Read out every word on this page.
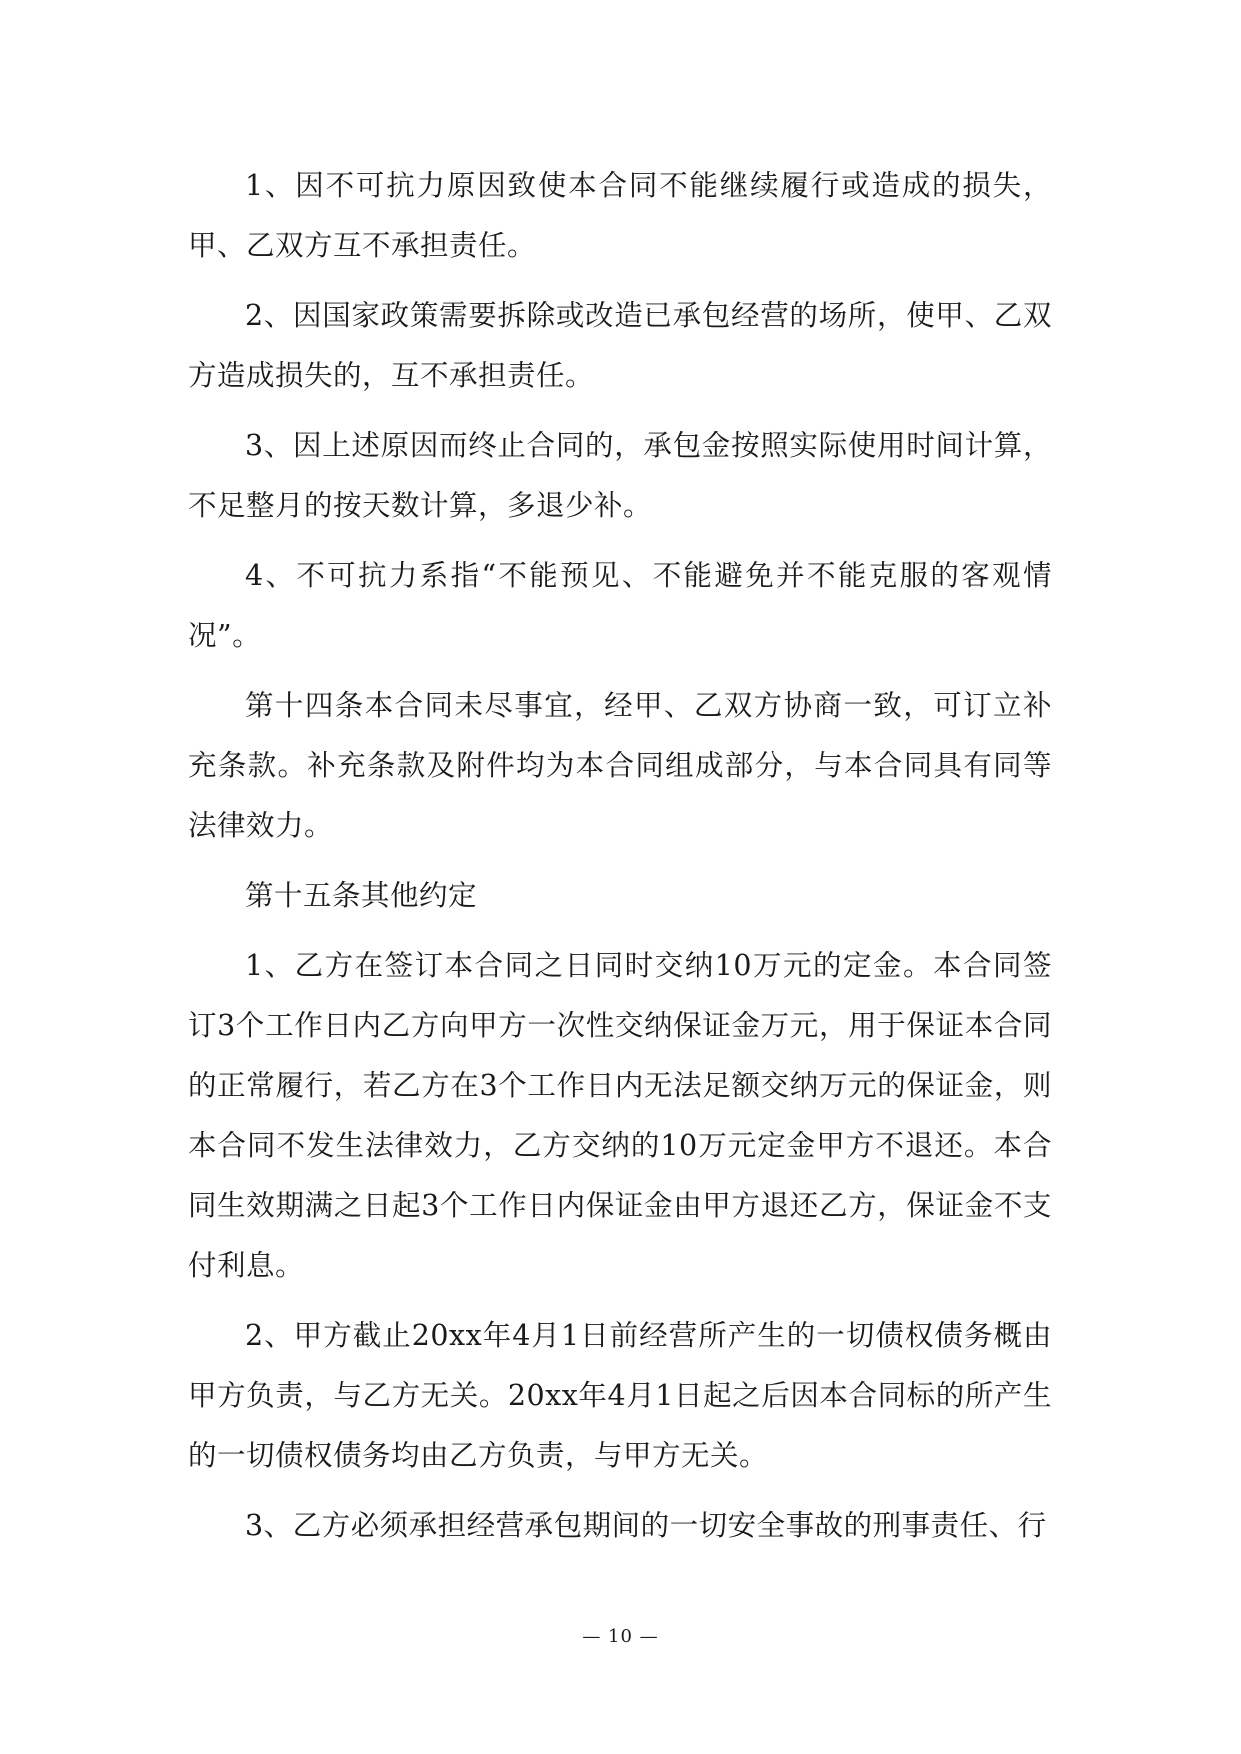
1、因不可抗力原因致使本合同不能继续履行或造成的损失，甲、乙双方互不承担责任。

2、因国家政策需要拆除或改造已承包经营的场所，使甲、乙双方造成损失的，互不承担责任。

3、因上述原因而终止合同的，承包金按照实际使用时间计算，不足整月的按天数计算，多退少补。

4、不可抗力系指“不能预见、不能避免并不能克服的客观情况”。

第十四条本合同未尽事宜，经甲、乙双方协商一致，可订立补充条款。补充条款及附件均为本合同组成部分，与本合同具有同等法律效力。

第十五条其他约定

1、乙方在签订本合同之日同时交纳10万元的定金。本合同签订3个工作日内乙方向甲方一次性交纳保证金万元，用于保证本合同的正常履行，若乙方在3个工作日内无法足额交纳万元的保证金，则本合同不发生法律效力，乙方交纳的10万元定金甲方不退还。本合同生效期满之日起3个工作日内保证金由甲方退还乙方，保证金不支付利息。

2、甲方截止20xx年4月1日前经营所产生的一切债权债务概由甲方负责，与乙方无关。20xx年4月1日起之后因本合同标的所产生的一切债权债务均由乙方负责，与甲方无关。

3、乙方必须承担经营承包期间的一切安全事故的刑事责任、行

— 10 —
